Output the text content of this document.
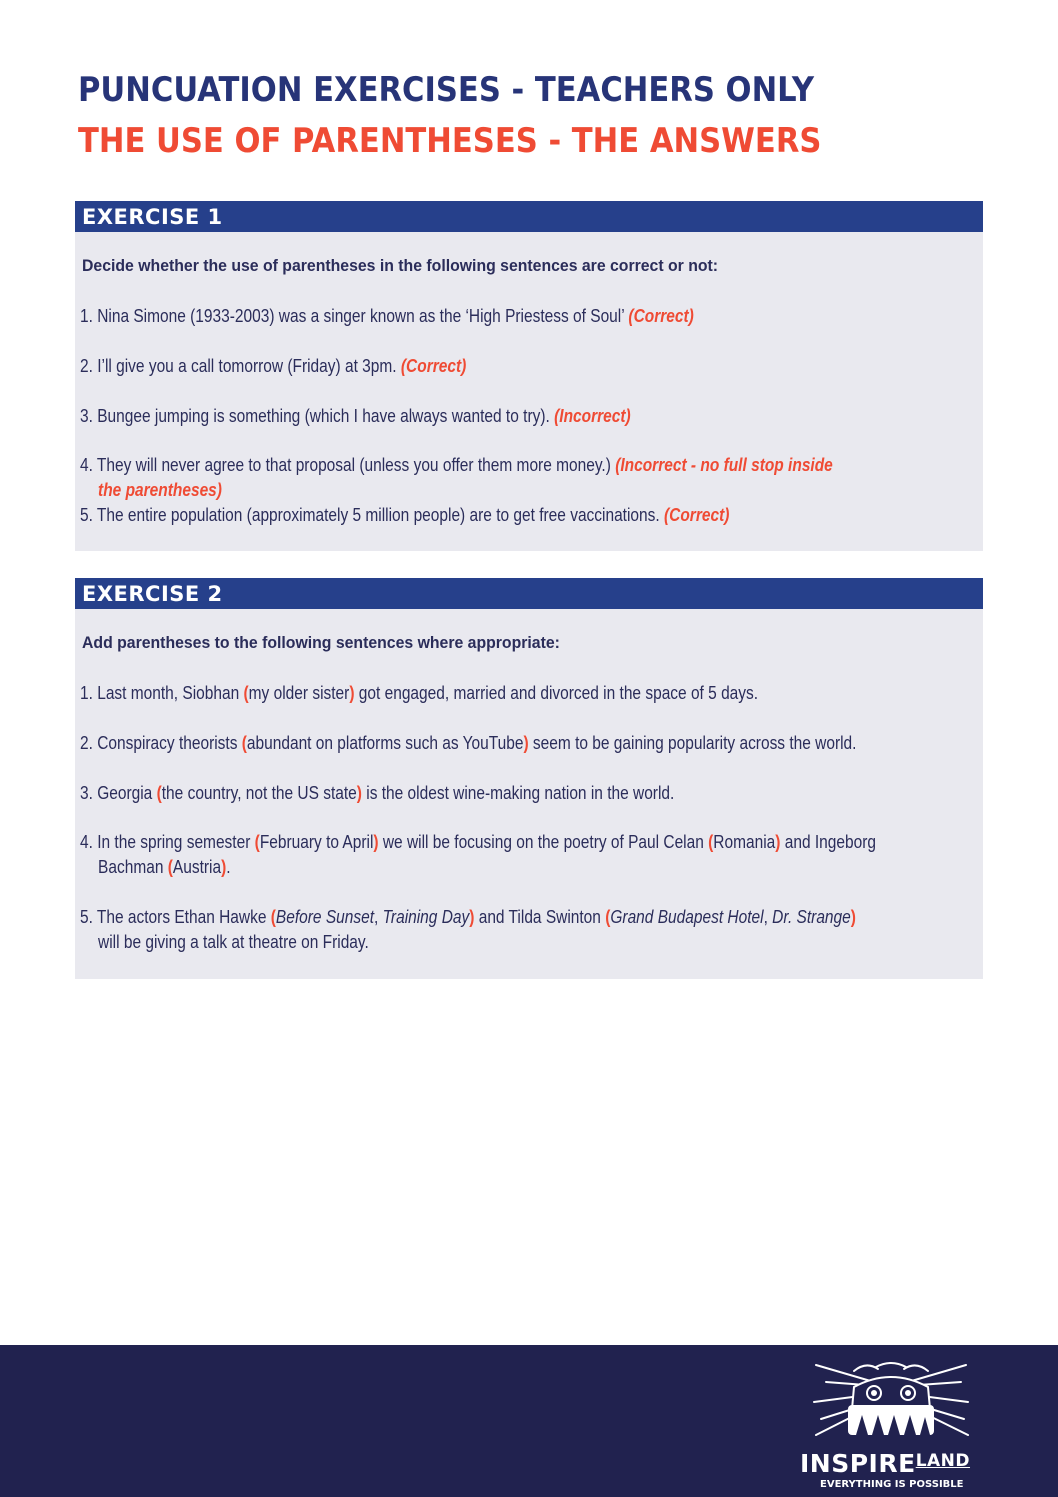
PUNCUATION EXERCISES - TEACHERS ONLY
THE USE OF PARENTHESES - THE ANSWERS
EXERCISE 1

Decide whether the use of parentheses in the following sentences are correct or not:

1. Nina Simone (1933-2003) was a singer known as the ‘High Priestess of Soul’ (Correct)

2. I’ll give you a call tomorrow (Friday) at 3pm. (Correct)

3. Bungee jumping is something (which I have always wanted to try). (Incorrect)

4. They will never agree to that proposal (unless you offer them more money.) (Incorrect - no full stop inside
the parentheses)

5. The entire population (approximately 5 million people) are to get free vaccinations. (Correct)

EXERCISE 2

Add parentheses to the following sentences where appropriate:

1. Last month, Siobhan (my older sister) got engaged, married and divorced in the space of 5 days.

2. Conspiracy theorists (abundant on platforms such as YouTube) seem to be gaining popularity across the world.

3. Georgia (the country, not the US state) is the oldest wine-making nation in the world.

4. In the spring semester (February to April) we will be focusing on the poetry of Paul Celan (Romania) and Ingeborg
Bachman (Austria).

5. The actors Ethan Hawke (Before Sunset, Training Day) and Tilda Swinton (Grand Budapest Hotel, Dr. Strange)
will be giving a talk at theatre on Friday.

$INSPIRE^{LAND}$
EVERYTHING IS POSSIBLE
